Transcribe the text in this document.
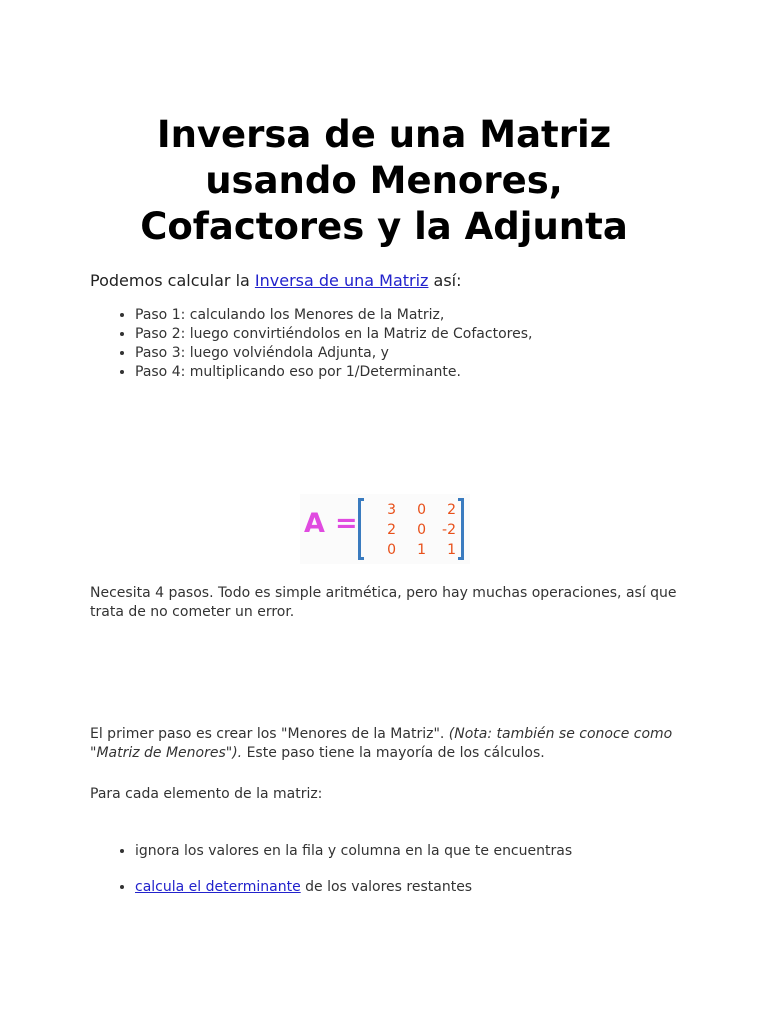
Inversa de una Matriz usando Menores, Cofactores y la Adjunta

Podemos calcular la Inversa de una Matriz así:

• Paso 1: calculando los Menores de la Matriz,
• Paso 2: luego convirtiéndolos en la Matriz de Cofactores,
• Paso 3: luego volviéndola Adjunta, y
• Paso 4: multiplicando eso por 1/Determinante.
A =	3	0	2
2	0	-2
0	1	1

Necesita 4 pasos. Todo es simple aritmética, pero hay muchas operaciones, así que trata de no cometer un error.

El primer paso es crear los "Menores de la Matriz". (Nota: también se conoce como "Matriz de Menores"). Este paso tiene la mayoría de los cálculos.

Para cada elemento de la matriz:

• ignora los valores en la fila y columna en la que te encuentras
• calcula el determinante de los valores restantes
